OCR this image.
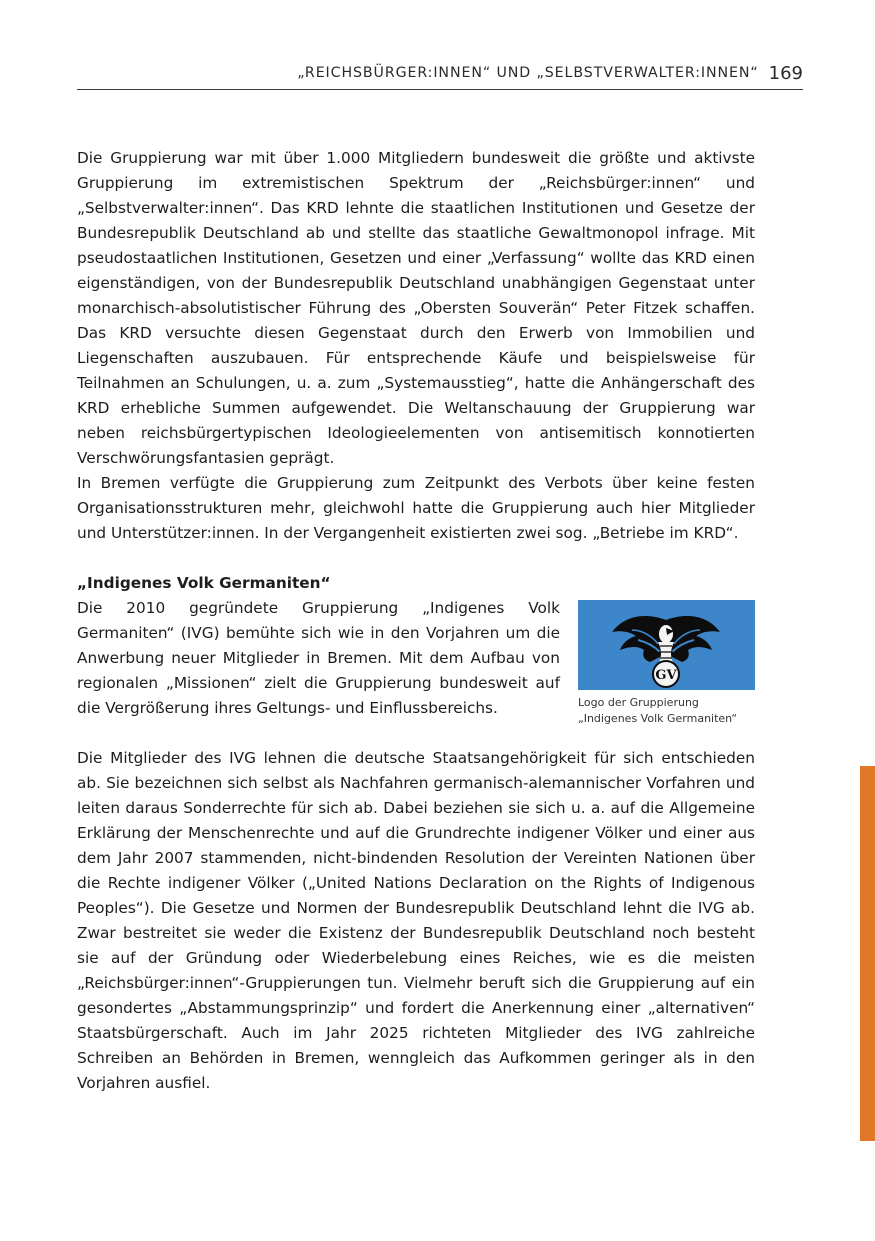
„REICHSBÜRGER:INNEN“ UND „SELBSTVERWALTER:INNEN“ 169

Die Gruppierung war mit über 1.000 Mitgliedern bundesweit die größte und aktivste Gruppierung im extremistischen Spektrum der „Reichsbürger:innen“ und „Selbstverwalter:innen“. Das KRD lehnte die staatlichen Institutionen und Gesetze der Bundesrepublik Deutschland ab und stellte das staatliche Gewaltmonopol infrage. Mit pseudostaatlichen Institutionen, Gesetzen und einer „Verfassung“ wollte das KRD einen eigenständigen, von der Bundesrepublik Deutschland unabhängigen Gegenstaat unter monarchisch-absolutistischer Führung des „Obersten Souverän“ Peter Fitzek schaffen. Das KRD versuchte diesen Gegenstaat durch den Erwerb von Immobilien und Liegenschaften auszubauen. Für entsprechende Käufe und beispielsweise für Teilnahmen an Schulungen, u. a. zum „Systemausstieg“, hatte die Anhängerschaft des KRD erhebliche Summen aufgewendet. Die Weltanschauung der Gruppierung war neben reichsbürgertypischen Ideologieelementen von antisemitisch konnotierten Verschwörungsfantasien geprägt.

In Bremen verfügte die Gruppierung zum Zeitpunkt des Verbots über keine festen Organisationsstrukturen mehr, gleichwohl hatte die Gruppierung auch hier Mitglieder und Unterstützer:innen. In der Vergangenheit existierten zwei sog. „Betriebe im KRD“.

„Indigenes Volk Germaniten“

Die 2010 gegründete Gruppierung „Indigenes Volk Germaniten“ (IVG) bemühte sich wie in den Vorjahren um die Anwerbung neuer Mitglieder in Bremen. Mit dem Aufbau von regionalen „Missionen“ zielt die Gruppierung bundesweit auf die Vergrößerung ihres Geltungs- und Einflussbereichs.

GV

Logo der Gruppierung
„Indigenes Volk Germaniten“

Die Mitglieder des IVG lehnen die deutsche Staatsangehörigkeit für sich entschieden ab. Sie bezeichnen sich selbst als Nachfahren germanisch-alemannischer Vorfahren und leiten daraus Sonderrechte für sich ab. Dabei beziehen sie sich u. a. auf die Allgemeine Erklärung der Menschenrechte und auf die Grundrechte indigener Völker und einer aus dem Jahr 2007 stammenden, nicht-bindenden Resolution der Vereinten Nationen über die Rechte indigener Völker („United Nations Declaration on the Rights of Indigenous Peoples“). Die Gesetze und Normen der Bundesrepublik Deutschland lehnt die IVG ab. Zwar bestreitet sie weder die Existenz der Bundesrepublik Deutschland noch besteht sie auf der Gründung oder Wiederbelebung eines Reiches, wie es die meisten „Reichsbürger:innen“-Gruppierungen tun. Vielmehr beruft sich die Gruppierung auf ein gesondertes „Abstammungsprinzip“ und fordert die Anerkennung einer „alternativen“ Staatsbürgerschaft. Auch im Jahr 2025 richteten Mitglieder des IVG zahlreiche Schreiben an Behörden in Bremen, wenngleich das Aufkommen geringer als in den Vorjahren ausfiel.
